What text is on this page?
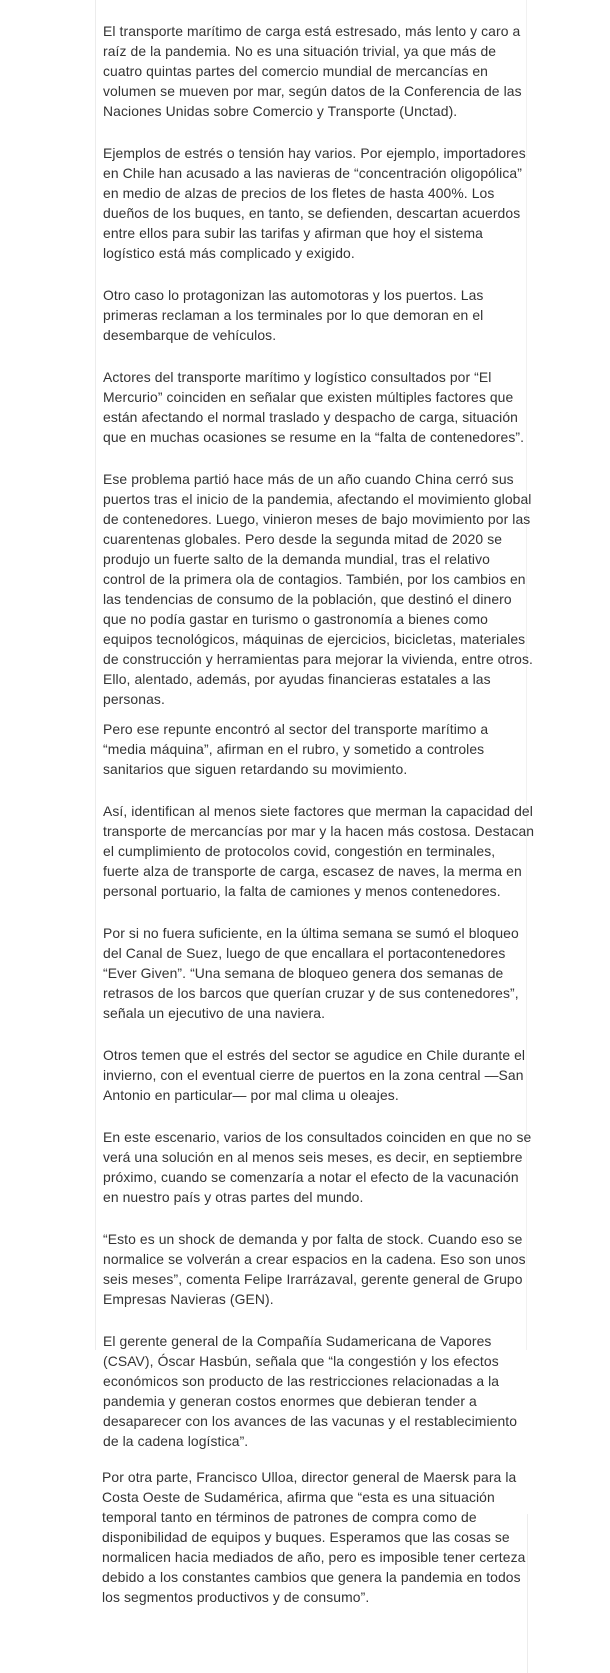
El transporte marítimo de carga está estresado, más lento y caro a raíz de la pandemia. No es una situación trivial, ya que más de cuatro quintas partes del comercio mundial de mercancías en volumen se mueven por mar, según datos de la Conferencia de las Naciones Unidas sobre Comercio y Transporte (Unctad).

Ejemplos de estrés o tensión hay varios. Por ejemplo, importadores en Chile han acusado a las navieras de “concentración oligopólica” en medio de alzas de precios de los fletes de hasta 400%. Los dueños de los buques, en tanto, se defienden, descartan acuerdos entre ellos para subir las tarifas y afirman que hoy el sistema logístico está más complicado y exigido.

Otro caso lo protagonizan las automotoras y los puertos. Las primeras reclaman a los terminales por lo que demoran en el desembarque de vehículos.

Actores del transporte marítimo y logístico consultados por “El Mercurio” coinciden en señalar que existen múltiples factores que están afectando el normal traslado y despacho de carga, situación que en muchas ocasiones se resume en la “falta de contenedores”.

Ese problema partió hace más de un año cuando China cerró sus puertos tras el inicio de la pandemia, afectando el movimiento global de contenedores. Luego, vinieron meses de bajo movimiento por las cuarentenas globales. Pero desde la segunda mitad de 2020 se produjo un fuerte salto de la demanda mundial, tras el relativo control de la primera ola de contagios. También, por los cambios en las tendencias de consumo de la población, que destinó el dinero que no podía gastar en turismo o gastronomía a bienes como equipos tecnológicos, máquinas de ejercicios, bicicletas, materiales de construcción y herramientas para mejorar la vivienda, entre otros. Ello, alentado, además, por ayudas financieras estatales a las personas.

Pero ese repunte encontró al sector del transporte marítimo a “media máquina”, afirman en el rubro, y sometido a controles sanitarios que siguen retardando su movimiento.

Así, identifican al menos siete factores que merman la capacidad del transporte de mercancías por mar y la hacen más costosa. Destacan el cumplimiento de protocolos covid, congestión en terminales, fuerte alza de transporte de carga, escasez de naves, la merma en personal portuario, la falta de camiones y menos contenedores.

Por si no fuera suficiente, en la última semana se sumó el bloqueo del Canal de Suez, luego de que encallara el portacontenedores “Ever Given”. “Una semana de bloqueo genera dos semanas de retrasos de los barcos que querían cruzar y de sus contenedores”, señala un ejecutivo de una naviera.

Otros temen que el estrés del sector se agudice en Chile durante el invierno, con el eventual cierre de puertos en la zona central —San Antonio en particular— por mal clima u oleajes.

En este escenario, varios de los consultados coinciden en que no se verá una solución en al menos seis meses, es decir, en septiembre próximo, cuando se comenzaría a notar el efecto de la vacunación en nuestro país y otras partes del mundo.

“Esto es un shock de demanda y por falta de stock. Cuando eso se normalice se volverán a crear espacios en la cadena. Eso son unos seis meses”, comenta Felipe Irarrázaval, gerente general de Grupo Empresas Navieras (GEN).

El gerente general de la Compañía Sudamericana de Vapores (CSAV), Óscar Hasbún, señala que “la congestión y los efectos económicos son producto de las restricciones relacionadas a la pandemia y generan costos enormes que debieran tender a desaparecer con los avances de las vacunas y el restablecimiento de la cadena logística”.

Por otra parte, Francisco Ulloa, director general de Maersk para la Costa Oeste de Sudamérica, afirma que “esta es una situación temporal tanto en términos de patrones de compra como de disponibilidad de equipos y buques. Esperamos que las cosas se normalicen hacia mediados de año, pero es imposible tener certeza debido a los constantes cambios que genera la pandemia en todos los segmentos productivos y de consumo”.
